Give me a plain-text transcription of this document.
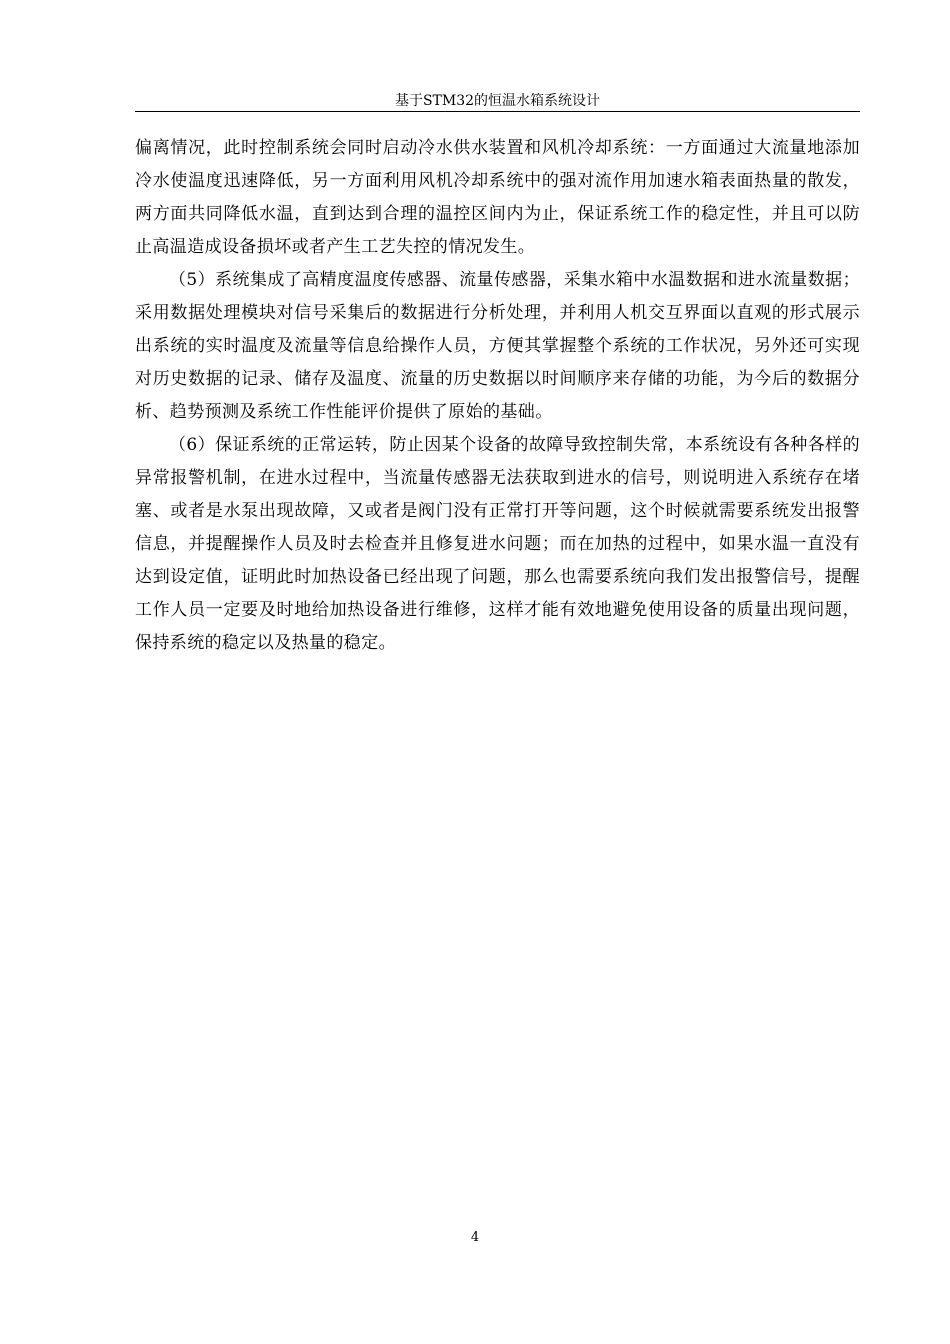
基于STM32的恒温水箱系统设计

偏离情况，此时控制系统会同时启动冷水供水装置和风机冷却系统：一方面通过大流量地添加冷水使温度迅速降低，另一方面利用风机冷却系统中的强对流作用加速水箱表面热量的散发，两方面共同降低水温，直到达到合理的温控区间内为止，保证系统工作的稳定性，并且可以防止高温造成设备损坏或者产生工艺失控的情况发生。

（5）系统集成了高精度温度传感器、流量传感器，采集水箱中水温数据和进水流量数据；采用数据处理模块对信号采集后的数据进行分析处理，并利用人机交互界面以直观的形式展示出系统的实时温度及流量等信息给操作人员，方便其掌握整个系统的工作状况，另外还可实现对历史数据的记录、储存及温度、流量的历史数据以时间顺序来存储的功能，为今后的数据分析、趋势预测及系统工作性能评价提供了原始的基础。

（6）保证系统的正常运转，防止因某个设备的故障导致控制失常，本系统设有各种各样的异常报警机制，在进水过程中，当流量传感器无法获取到进水的信号，则说明进入系统存在堵塞、或者是水泵出现故障，又或者是阀门没有正常打开等问题，这个时候就需要系统发出报警信息，并提醒操作人员及时去检查并且修复进水问题；而在加热的过程中，如果水温一直没有达到设定值，证明此时加热设备已经出现了问题，那么也需要系统向我们发出报警信号，提醒工作人员一定要及时地给加热设备进行维修，这样才能有效地避免使用设备的质量出现问题，保持系统的稳定以及热量的稳定。

4
